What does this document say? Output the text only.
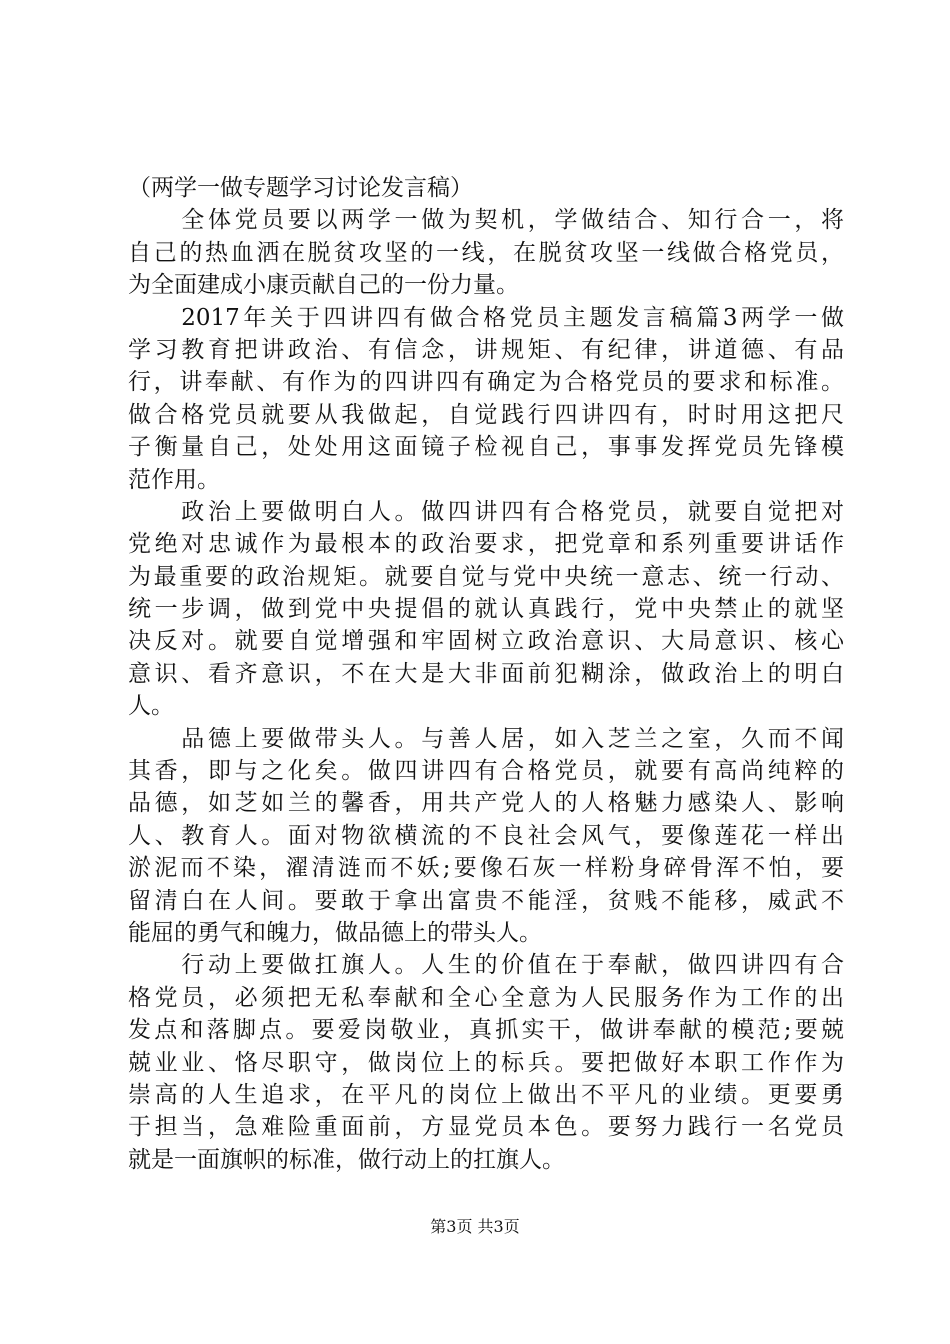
（两学一做专题学习讨论发言稿）
　　全体党员要以两学一做为契机，学做结合、知行合一，将
自己的热血洒在脱贫攻坚的一线，在脱贫攻坚一线做合格党员，
为全面建成小康贡献自己的一份力量。
　　2017年关于四讲四有做合格党员主题发言稿篇3两学一做
学习教育把讲政治、有信念，讲规矩、有纪律，讲道德、有品
行，讲奉献、有作为的四讲四有确定为合格党员的要求和标准。
做合格党员就要从我做起，自觉践行四讲四有，时时用这把尺
子衡量自己，处处用这面镜子检视自己，事事发挥党员先锋模
范作用。
　　政治上要做明白人。做四讲四有合格党员，就要自觉把对
党绝对忠诚作为最根本的政治要求，把党章和系列重要讲话作
为最重要的政治规矩。就要自觉与党中央统一意志、统一行动、
统一步调，做到党中央提倡的就认真践行，党中央禁止的就坚
决反对。就要自觉增强和牢固树立政治意识、大局意识、核心
意识、看齐意识，不在大是大非面前犯糊涂，做政治上的明白
人。
　　品德上要做带头人。与善人居，如入芝兰之室，久而不闻
其香，即与之化矣。做四讲四有合格党员，就要有高尚纯粹的
品德，如芝如兰的馨香，用共产党人的人格魅力感染人、影响
人、教育人。面对物欲横流的不良社会风气，要像莲花一样出
淤泥而不染，濯清涟而不妖;要像石灰一样粉身碎骨浑不怕，要
留清白在人间。要敢于拿出富贵不能淫，贫贱不能移，威武不
能屈的勇气和魄力，做品德上的带头人。
　　行动上要做扛旗人。人生的价值在于奉献，做四讲四有合
格党员，必须把无私奉献和全心全意为人民服务作为工作的出
发点和落脚点。要爱岗敬业，真抓实干，做讲奉献的模范;要兢
兢业业、恪尽职守，做岗位上的标兵。要把做好本职工作作为
崇高的人生追求，在平凡的岗位上做出不平凡的业绩。更要勇
于担当，急难险重面前，方显党员本色。要努力践行一名党员
就是一面旗帜的标准，做行动上的扛旗人。
第3页 共3页
